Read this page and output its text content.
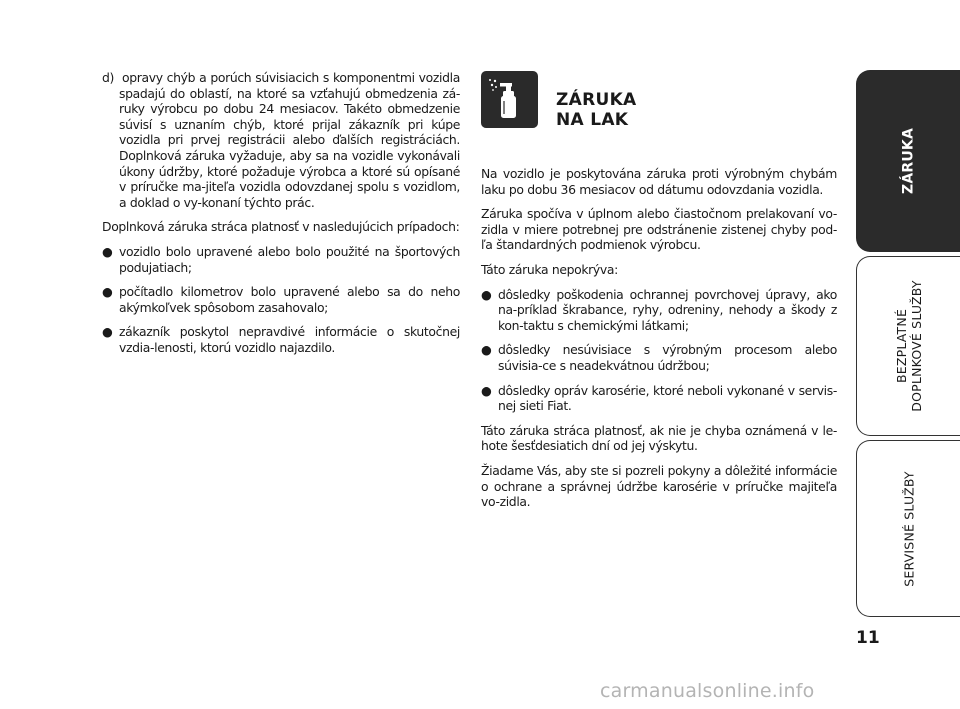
d) opravy chýb a porúch súvisiacich s komponentmi vozidla spadajú do oblastí, na ktoré sa vzťahujú obmedzenia zá-ruky výrobcu po dobu 24 mesiacov. Takéto obmedzenie súvisí s uznaním chýb, ktoré prijal zákazník pri kúpe vozidla pri prvej registrácii alebo ďalších registráciách. Doplnková záruka vyžaduje, aby sa na vozidle vykonávali úkony údržby, ktoré požaduje výrobca a ktoré sú opísané v príručke ma-jiteľa vozidla odovzdanej spolu s vozidlom, a doklad o vy-konaní týchto prác.

Doplnková záruka stráca platnosť v nasledujúcich prípadoch:

● vozidlo bolo upravené alebo bolo použité na športových podujatiach;

● počítadlo kilometrov bolo upravené alebo sa do neho akýmkoľvek spôsobom zasahovalo;

● zákazník poskytol nepravdivé informácie o skutočnej vzdia-lenosti, ktorú vozidlo najazdilo.

ZÁRUKA
NA LAK

Na vozidlo je poskytována záruka proti výrobným chybám laku po dobu 36 mesiacov od dátumu odovzdania vozidla.

Záruka spočíva v úplnom alebo čiastočnom prelakovaní vo-zidla v miere potrebnej pre odstránenie zistenej chyby pod-ľa štandardných podmienok výrobcu.

Táto záruka nepokrýva:

● dôsledky poškodenia ochrannej povrchovej úpravy, ako na-príklad škrabance, ryhy, odreniny, nehody a škody z kon-taktu s chemickými látkami;

● dôsledky nesúvisiace s výrobným procesom alebo súvisia-ce s neadekvátnou údržbou;

● dôsledky opráv karosérie, ktoré neboli vykonané v servis-nej sieti Fiat.

Táto záruka stráca platnosť, ak nie je chyba oznámená v le-hote šesťdesiatich dní od jej výskytu.

Žiadame Vás, aby ste si pozreli pokyny a dôležité informácie o ochrane a správnej údržbe karosérie v príručke majiteľa vo-zidla.

ZÁRUKA
BEZPLATNÉ DOPLNKOVÉ SLUŽBY
SERVISNÉ SLUŽBY
11
carmanualsonline.info
